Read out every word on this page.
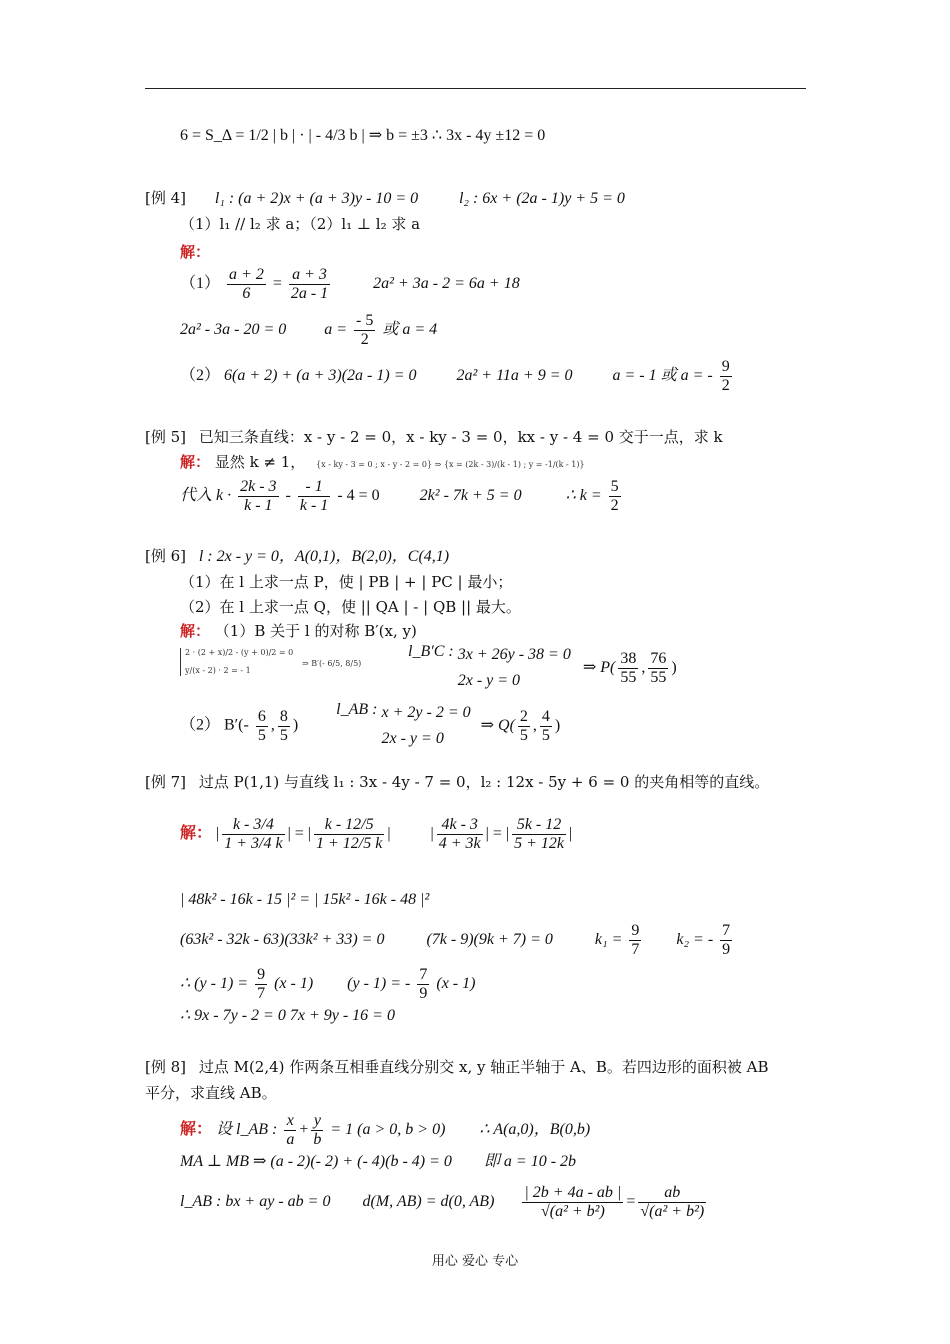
6 = S_Δ = 1/2 | b | · | - 4/3 b | ⇒ b = ±3 ∴ 3x - 4y ±12 = 0
[例 4] l₁ : (a + 2)x + (a + 3)y - 10 = 0	l₂ : 6x + (2a - 1)y + 5 = 0
（1）l₁ // l₂ 求 a；（2）l₁ ⊥ l₂ 求 a
解：
$(1) \frac{a + 2}{6} = \frac{a + 3}{2a - 1}$	2a² + 3a - 2 = 6a + 18
2a² - 3a - 20 = 0 $a = \frac{- 5}{2}$ 或 a = 4
（2） 6(a + 2) + (a + 3)(2a - 1) = 0	2a² + 11a + 9 = 0	a = - 1 或 a = - $\frac{9}{2}$
[例 5] 已知三条直线：x - y - 2 = 0，x - ky - 3 = 0，kx - y - 4 = 0 交于一点，求 k
解： 显然 k ≠ 1， {x - ky - 3 = 0 ; x - y - 2 = 0} ⇒ {x = (2k - 3)/(k - 1) ; y = -1/(k - 1)}
代入 $k \cdot \frac{2k - 3}{k - 1} - \frac{- 1}{k - 1} - 4 = 0$	2k² - 7k + 5 = 0	∴ $k = \frac{5}{2}$
[例 6] l : 2x - y = 0，A(0,1)，B(2,0)，C(4,1)
（1）在 l 上求一点 P，使 | PB | + | PC | 最小；
（2）在 l 上求一点 Q，使 || QA | - | QB || 最大。
解： （1）B 关于 l 的对称 B′(x, y)
2 · (2 + x)/2 - (y + 0)/2 = 0
y/(x - 2) · 2 = - 1
⇒ B′(- 6/5, 8/5)
l_B′C : 3x + 26y - 38 = 0
2x - y = 0
⇒ $P( \frac{38}{55}$ , $\frac{76}{55}$ )
（2） $B'(- \frac{6}{5}$ , $\frac{8}{5}$ ) l_AB : x + 2y - 2 = 0
2x - y = 0
⇒ $Q( \frac{2}{5}$ , $\frac{4}{5}$ )
[例 7] 过点 P(1,1) 与直线 l₁ : 3x - 4y - 7 = 0，l₂ : 12x - 5y + 6 = 0 的夹角相等的直线。
解： | $\frac{k - 3/4}{1 + 3/4 k}$ | = | $\frac{k - 12/5}{1 + 12/5 k}$ | | $\frac{4k - 3}{4 + 3k}$ | = | $\frac{5k - 12}{5 + 12k}$ |
| 48k² - 16k - 15 |² = | 15k² - 16k - 48 |²
(63k² - 32k - 63)(33k² + 33) = 0	(7k - 9)(9k + 7) = 0	$k_1 = \frac{9}{7} k_2$ = - $\frac{7}{9}$
∴ $(y - 1) = \frac{9}{7} (x - 1)$ (y - 1) = - $\frac{7}{9} (x - 1)$
∴ 9x - 7y - 2 = 0 7x + 9y - 16 = 0
[例 8] 过点 M(2,4) 作两条互相垂直线分别交 x, y 轴正半轴于 A、B。若四边形的面积被 AB
平分，求直线 AB。
解： 设 l_AB : $\frac{x}{a} + \frac{y}{b} = 1$ (a > 0, b > 0) ∴ A(a,0)，B(0,b)
MA ⊥ MB ⇒ (a - 2)(- 2) + (- 4)(b - 4) = 0 即 a = 10 - 2b
l_AB : bx + ay - ab = 0 d(M, AB) = d(0, $AB) \frac{| 2b + 4a - ab |}{\text{√(a² + b²)}} = \frac{ab}{\text{√(a² + b²)}}$
用心 爱心 专心
